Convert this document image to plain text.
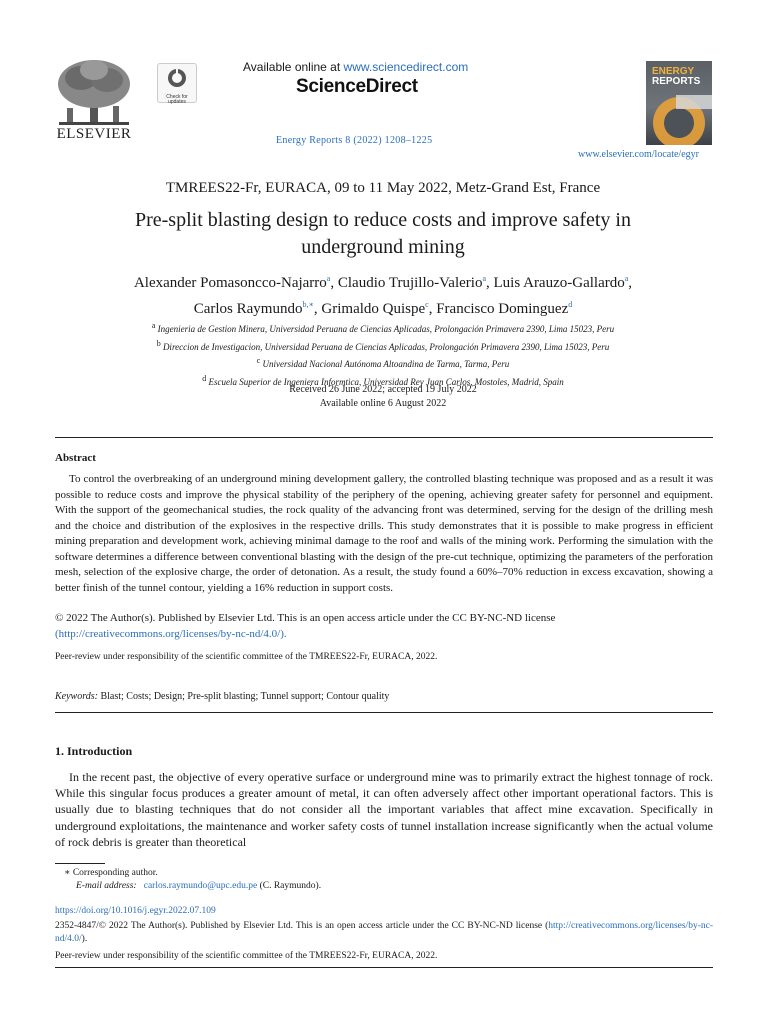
ELSEVIER
Check for updates
Available online at www.sciencedirect.com
ScienceDirect
Energy Reports 8 (2022) 1208–1225
ENERGY
REPORTS
www.elsevier.com/locate/egyr
TMREES22-Fr, EURACA, 09 to 11 May 2022, Metz-Grand Est, France
Pre-split blasting design to reduce costs and improve safety in
underground mining
Alexander Pomasoncco-Najarro$^a$, Claudio Trujillo-Valerio$^a$, Luis Arauzo-Gallardo$^a$,
Carlos Raymundo$^{b,∗}$, Grimaldo Quispe$^c$, Francisco Dominguez$^d$
$^a$ Ingenieria de Gestion Minera, Universidad Peruana de Ciencias Aplicadas, Prolongación Primavera 2390, Lima 15023, Peru
$^b$ Direccion de Investigacion, Universidad Peruana de Ciencias Aplicadas, Prolongación Primavera 2390, Lima 15023, Peru
$^c$ Universidad Nacional Autónoma Altoandina de Tarma, Tarma, Peru
$^d$ Escuela Superior de Ingeniera Informtica, Universidad Rey Juan Carlos, Mostoles, Madrid, Spain
Received 26 June 2022; accepted 19 July 2022
Available online 6 August 2022
Abstract
To control the overbreaking of an underground mining development gallery, the controlled blasting technique was proposed and as a result it was possible to reduce costs and improve the physical stability of the periphery of the opening, achieving greater safety for personnel and equipment. With the support of the geomechanical studies, the rock quality of the advancing front was determined, serving for the design of the drilling mesh and the choice and distribution of the explosives in the respective drills. This study demonstrates that it is possible to make progress in efficient mining preparation and development work, achieving minimal damage to the roof and walls of the mining work. Performing the simulation with the software determines a difference between conventional blasting with the design of the pre-cut technique, optimizing the parameters of the perforation mesh, selection of the explosive charge, the order of detonation. As a result, the study found a 60%–70% reduction in excess excavation, showing a better finish of the tunnel contour, yielding a 16% reduction in support costs.
© 2022 The Author(s). Published by Elsevier Ltd. This is an open access article under the CC BY-NC-ND license
(http://creativecommons.org/licenses/by-nc-nd/4.0/).
Peer-review under responsibility of the scientific committee of the TMREES22-Fr, EURACA, 2022.
Keywords: Blast; Costs; Design; Pre-split blasting; Tunnel support; Contour quality
1. Introduction
In the recent past, the objective of every operative surface or underground mine was to primarily extract the highest tonnage of rock. While this singular focus produces a greater amount of metal, it can often adversely affect other important operational factors. This is usually due to blasting techniques that do not consider all the important variables that affect mine excavation. Specifically in underground exploitations, the maintenance and worker safety costs of tunnel installation increase significantly when the actual volume of rock debris is greater than theoretical
∗ Corresponding author.
E-mail address: carlos.raymundo@upc.edu.pe (C. Raymundo).
https://doi.org/10.1016/j.egyr.2022.07.109
2352-4847/© 2022 The Author(s). Published by Elsevier Ltd. This is an open access article under the CC BY-NC-ND license (http://creativecommons.org/licenses/by-nc-nd/4.0/).
Peer-review under responsibility of the scientific committee of the TMREES22-Fr, EURACA, 2022.
